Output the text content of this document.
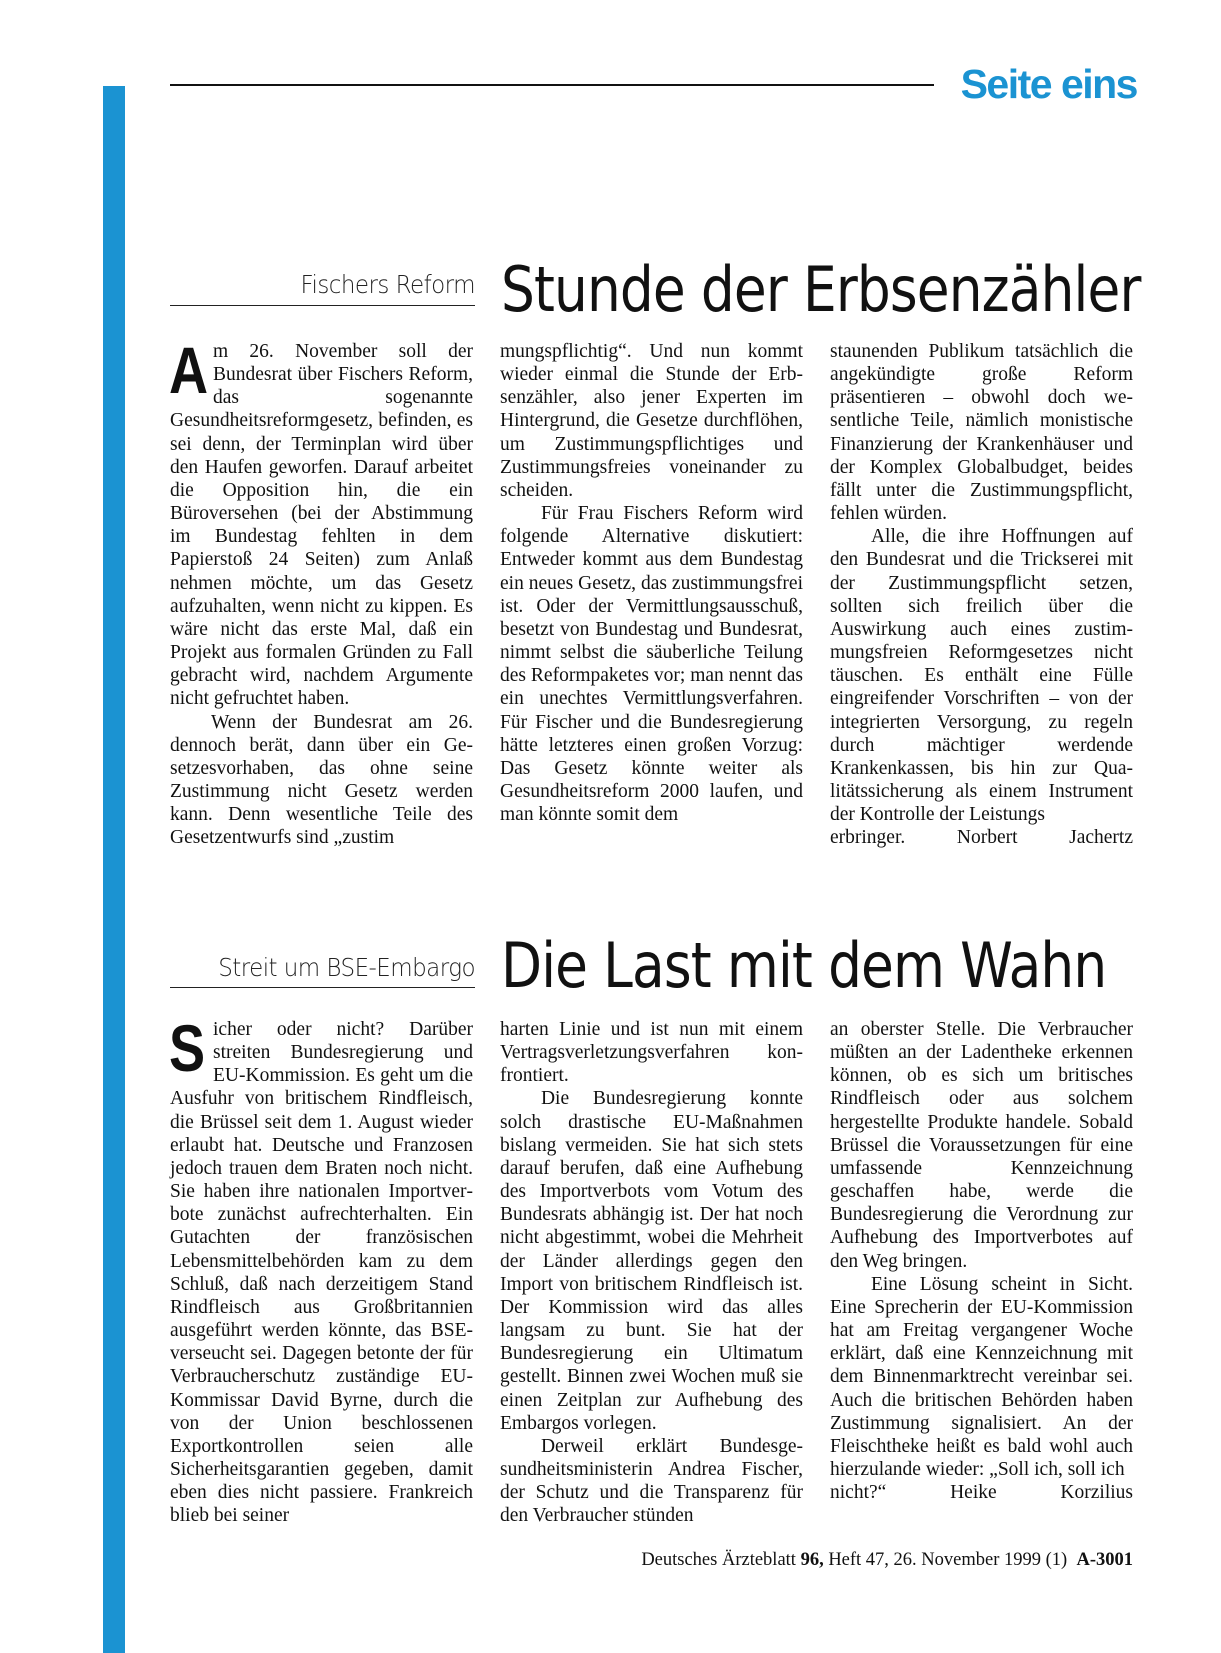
Seite eins
Fischers Reform Stunde der Erbsenzähler
A m 26. November soll der Bundesrat über Fischers Reform, das sogenannte Gesundheitsreformgesetz, befinden, es sei denn, der Terminplan wird über den Haufen geworfen. Darauf arbeitet die Opposition hin, die ein Büroversehen (bei der Abstimmung im Bundestag fehlten in dem Papierstoß 24 Seiten) zum Anlaß nehmen möchte, um das Gesetz aufzuhalten, wenn nicht zu kippen. Es wäre nicht das erste Mal, daß ein Projekt aus formalen Gründen zu Fall gebracht wird, nachdem Argumente nicht gefruchtet haben.

Wenn der Bundesrat am 26. dennoch berät, dann über ein Gesetzesvorhaben, das ohne seine Zustimmung nicht Gesetz werden kann. Denn wesentliche Teile des Gesetzentwurfs sind „zustim

mungspflichtig“. Und nun kommt wieder einmal die Stunde der Erbsenzähler, also jener Experten im Hintergrund, die Gesetze durchflöhen, um Zustimmungspflichtiges und Zustimmungsfreies voneinander zu scheiden.

Für Frau Fischers Reform wird folgende Alternative diskutiert: Entweder kommt aus dem Bundestag ein neues Gesetz, das zustimmungsfrei ist. Oder der Vermittlungsausschuß, besetzt von Bundestag und Bundesrat, nimmt selbst die säuberliche Teilung des Reformpaketes vor; man nennt das ein unechtes Vermittlungsverfahren. Für Fischer und die Bundesregierung hätte letzteres einen großen Vorzug: Das Gesetz könnte weiter als Gesundheitsreform 2000 laufen, und man könnte somit dem

staunenden Publikum tatsächlich die angekündigte große Reform präsentieren – obwohl doch wesentliche Teile, nämlich monistische Finanzierung der Krankenhäuser und der Komplex Globalbudget, beides fällt unter die Zustimmungspflicht, fehlen würden.

Alle, die ihre Hoffnungen auf den Bundesrat und die Trickserei mit der Zustimmungspflicht setzen, sollten sich freilich über die Auswirkung auch eines zustimmungsfreien Reformgesetzes nicht täuschen. Es enthält eine Fülle eingreifender Vorschriften – von der integrierten Versorgung, zu regeln durch mächtiger werdende Krankenkassen, bis hin zur Qualitätssicherung als einem Instrument der Kontrolle der Leistungs

erbringer. Norbert Jachertz

Streit um BSE-Embargo Die Last mit dem Wahn
S icher oder nicht? Darüber streiten Bundesregierung und EU-Kommission. Es geht um die Ausfuhr von britischem Rindfleisch, die Brüssel seit dem 1. August wieder erlaubt hat. Deutsche und Franzosen jedoch trauen dem Braten noch nicht. Sie haben ihre nationalen Importverbote zunächst aufrechterhalten. Ein Gutachten der französischen Lebensmittelbehörden kam zu dem Schluß, daß nach derzeitigem Stand Rindfleisch aus Großbritannien ausgeführt werden könnte, das BSE-verseucht sei. Dagegen betonte der für Verbraucherschutz zuständige EU-Kommissar David Byrne, durch die von der Union beschlossenen Exportkontrollen seien alle Sicherheitsgarantien gegeben, damit eben dies nicht passiere. Frankreich blieb bei seiner

harten Linie und ist nun mit einem Vertragsverletzungsverfahren konfrontiert.

Die Bundesregierung konnte solch drastische EU-Maßnahmen bislang vermeiden. Sie hat sich stets darauf berufen, daß eine Aufhebung des Importverbots vom Votum des Bundesrats abhängig ist. Der hat noch nicht abgestimmt, wobei die Mehrheit der Länder allerdings gegen den Import von britischem Rindfleisch ist. Der Kommission wird das alles langsam zu bunt. Sie hat der Bundesregierung ein Ultimatum gestellt. Binnen zwei Wochen muß sie einen Zeitplan zur Aufhebung des Embargos vorlegen.

Derweil erklärt Bundesgesundheitsministerin Andrea Fischer, der Schutz und die Transparenz für den Verbraucher stünden

an oberster Stelle. Die Verbraucher müßten an der Ladentheke erkennen können, ob es sich um britisches Rindfleisch oder aus solchem hergestellte Produkte handele. Sobald Brüssel die Voraussetzungen für eine umfassende Kennzeichnung geschaffen habe, werde die Bundesregierung die Verordnung zur Aufhebung des Importverbotes auf den Weg bringen.

Eine Lösung scheint in Sicht. Eine Sprecherin der EU-Kommission hat am Freitag vergangener Woche erklärt, daß eine Kennzeichnung mit dem Binnenmarktrecht vereinbar sei. Auch die britischen Behörden haben Zustimmung signalisiert. An der Fleischtheke heißt es bald wohl auch hierzulande wieder: „Soll ich, soll ich

nicht?“ Heike Korzilius

Deutsches Ärzteblatt 96, Heft 47, 26. November 1999 (1) A-3001
